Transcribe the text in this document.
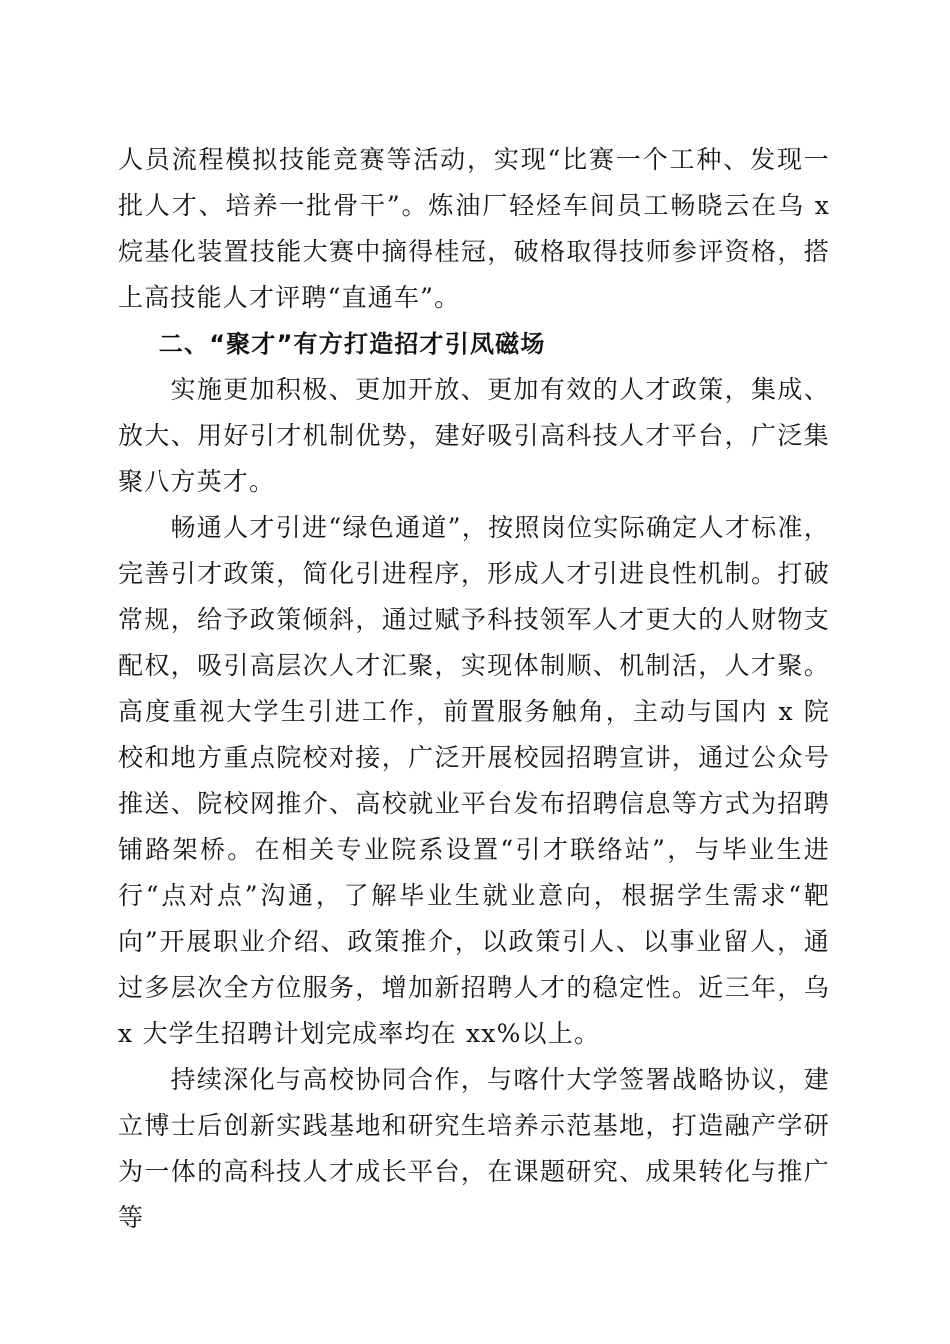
人员流程模拟技能竞赛等活动，实现“比赛一个工种、发现一批人才、培养一批骨干”。炼油厂轻烃车间员工畅晓云在乌 x 烷基化装置技能大赛中摘得桂冠，破格取得技师参评资格，搭上高技能人才评聘“直通车”。

二、“聚才”有方打造招才引凤磁场

实施更加积极、更加开放、更加有效的人才政策，集成、放大、用好引才机制优势，建好吸引高科技人才平台，广泛集聚八方英才。

畅通人才引进“绿色通道”，按照岗位实际确定人才标准，完善引才政策，简化引进程序，形成人才引进良性机制。打破常规，给予政策倾斜，通过赋予科技领军人才更大的人财物支配权，吸引高层次人才汇聚，实现体制顺、机制活，人才聚。高度重视大学生引进工作，前置服务触角，主动与国内 x 院校和地方重点院校对接，广泛开展校园招聘宣讲，通过公众号推送、院校网推介、高校就业平台发布招聘信息等方式为招聘铺路架桥。在相关专业院系设置“引才联络站”，与毕业生进行“点对点”沟通，了解毕业生就业意向，根据学生需求“靶向”开展职业介绍、政策推介，以政策引人、以事业留人，通过多层次全方位服务，增加新招聘人才的稳定性。近三年，乌 x 大学生招聘计划完成率均在 xx%以上。

持续深化与高校协同合作，与喀什大学签署战略协议，建立博士后创新实践基地和研究生培养示范基地，打造融产学研为一体的高科技人才成长平台，在课题研究、成果转化与推广等
